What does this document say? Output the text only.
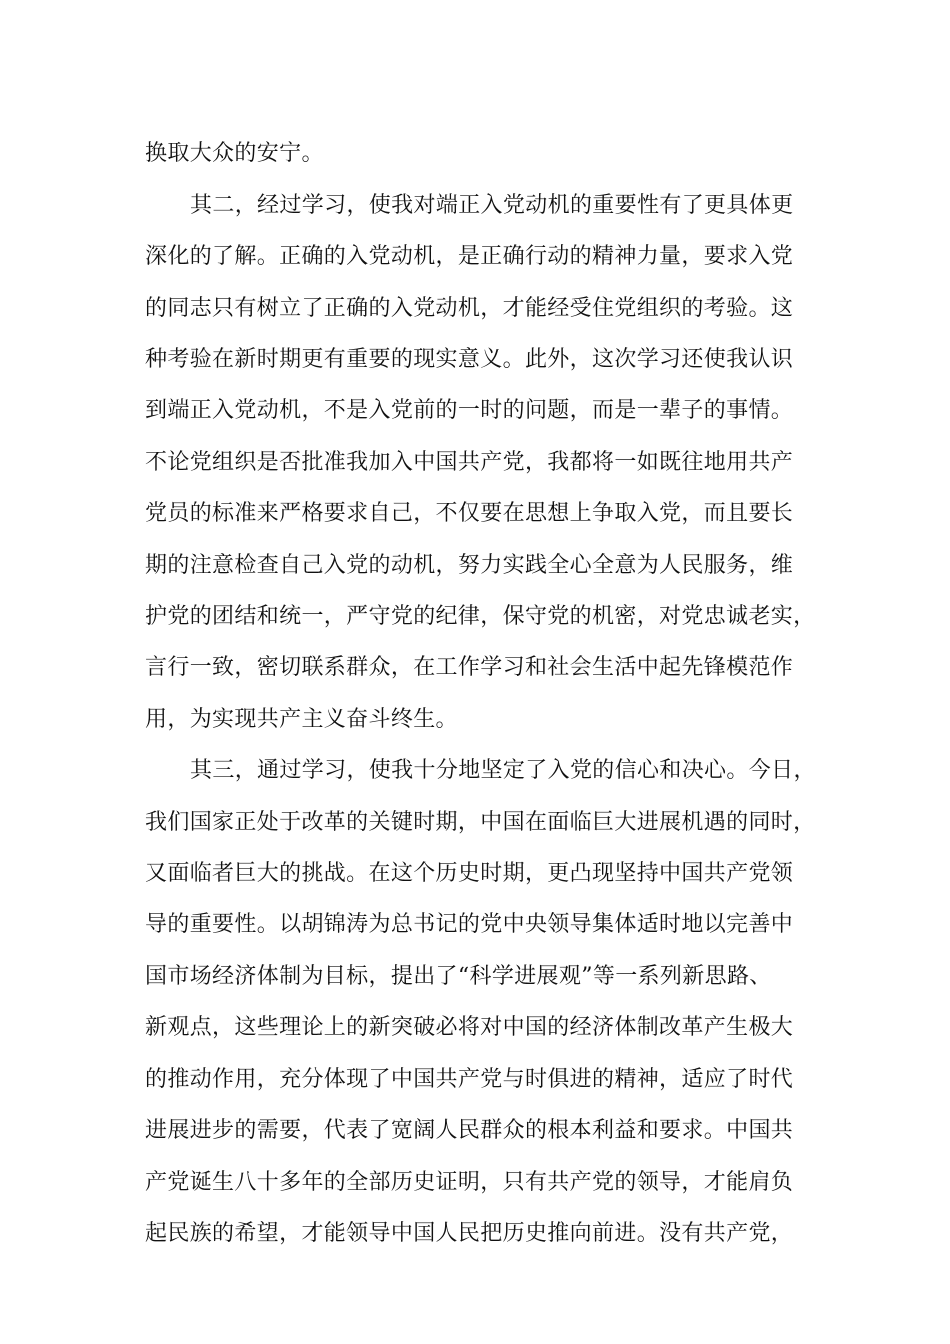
换取大众的安宁。
其二，经过学习，使我对端正入党动机的重要性有了更具体更
深化的了解。正确的入党动机，是正确行动的精神力量，要求入党
的同志只有树立了正确的入党动机，才能经受住党组织的考验。这
种考验在新时期更有重要的现实意义。此外，这次学习还使我认识
到端正入党动机，不是入党前的一时的问题，而是一辈子的事情。
不论党组织是否批准我加入中国共产党，我都将一如既往地用共产
党员的标准来严格要求自己，不仅要在思想上争取入党，而且要长
期的注意检查自己入党的动机，努力实践全心全意为人民服务，维
护党的团结和统一，严守党的纪律，保守党的机密，对党忠诚老实，
言行一致，密切联系群众，在工作学习和社会生活中起先锋模范作
用，为实现共产主义奋斗终生。
其三，通过学习，使我十分地坚定了入党的信心和决心。今日，
我们国家正处于改革的关键时期，中国在面临巨大进展机遇的同时，
又面临者巨大的挑战。在这个历史时期，更凸现坚持中国共产党领
导的重要性。以胡锦涛为总书记的党中央领导集体适时地以完善中
国市场经济体制为目标，提出了“科学进展观”等一系列新思路、
新观点，这些理论上的新突破必将对中国的经济体制改革产生极大
的推动作用，充分体现了中国共产党与时俱进的精神，适应了时代
进展进步的需要，代表了宽阔人民群众的根本利益和要求。中国共
产党诞生八十多年的全部历史证明，只有共产党的领导，才能肩负
起民族的希望，才能领导中国人民把历史推向前进。没有共产党，
